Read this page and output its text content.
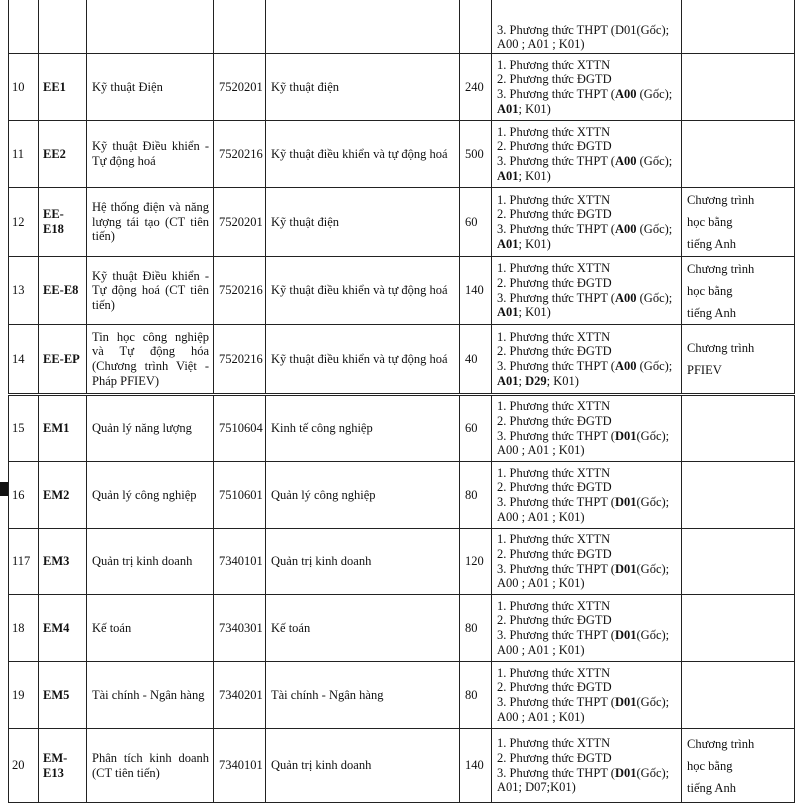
						3. Phương thức THPT (D01(Gốc);
A00 ; A01 ; K01)	

10	EE1	Kỹ thuật Điện	7520201	Kỹ thuật điện	240	1. Phương thức XTTN
2. Phương thức ĐGTD
3. Phương thức THPT (A00 (Gốc);
A01; K01)	

11	EE2	Kỹ thuật Điều khiển - Tự động hoá	7520216	Kỹ thuật điều khiển và tự động hoá	500	1. Phương thức XTTN
2. Phương thức ĐGTD
3. Phương thức THPT (A00 (Gốc);
A01; K01)	

12	EE-
E18	Hệ thống điện và năng lượng tái tạo (CT tiên tiến)	7520201	Kỹ thuật điện	60	1. Phương thức XTTN
2. Phương thức ĐGTD
3. Phương thức THPT (A00 (Gốc);
A01; K01)	Chương trình
học bằng
tiếng Anh

13	EE-E8	Kỹ thuật Điều khiển - Tự động hoá (CT tiên tiến)	7520216	Kỹ thuật điều khiển và tự động hoá	140	1. Phương thức XTTN
2. Phương thức ĐGTD
3. Phương thức THPT (A00 (Gốc);
A01; K01)	Chương trình
học bằng
tiếng Anh

14	EE-EP	Tin học công nghiệp và Tự động hóa (Chương trình Việt - Pháp PFIEV)	7520216	Kỹ thuật điều khiển và tự động hoá	40	1. Phương thức XTTN
2. Phương thức ĐGTD
3. Phương thức THPT (A00 (Gốc);
A01; D29; K01)	Chương trình
PFIEV

15	EM1	Quản lý năng lượng	7510604	Kinh tế công nghiệp	60	1. Phương thức XTTN
2. Phương thức ĐGTD
3. Phương thức THPT (D01(Gốc);
A00 ; A01 ; K01)	

16	EM2	Quản lý công nghiệp	7510601	Quản lý công nghiệp	80	1. Phương thức XTTN
2. Phương thức ĐGTD
3. Phương thức THPT (D01(Gốc);
A00 ; A01 ; K01)	

117	EM3	Quản trị kinh doanh	7340101	Quản trị kinh doanh	120	1. Phương thức XTTN
2. Phương thức ĐGTD
3. Phương thức THPT (D01(Gốc);
A00 ; A01 ; K01)	

18	EM4	Kế toán	7340301	Kế toán	80	1. Phương thức XTTN
2. Phương thức ĐGTD
3. Phương thức THPT (D01(Gốc);
A00 ; A01 ; K01)	

19	EM5	Tài chính - Ngân hàng	7340201	Tài chính - Ngân hàng	80	1. Phương thức XTTN
2. Phương thức ĐGTD
3. Phương thức THPT (D01(Gốc);
A00 ; A01 ; K01)	

20	EM-
E13	Phân tích kinh doanh (CT tiên tiến)	7340101	Quản trị kinh doanh	140	1. Phương thức XTTN
2. Phương thức ĐGTD
3. Phương thức THPT (D01(Gốc);
A01; D07;K01)	Chương trình
học bằng
tiếng Anh
